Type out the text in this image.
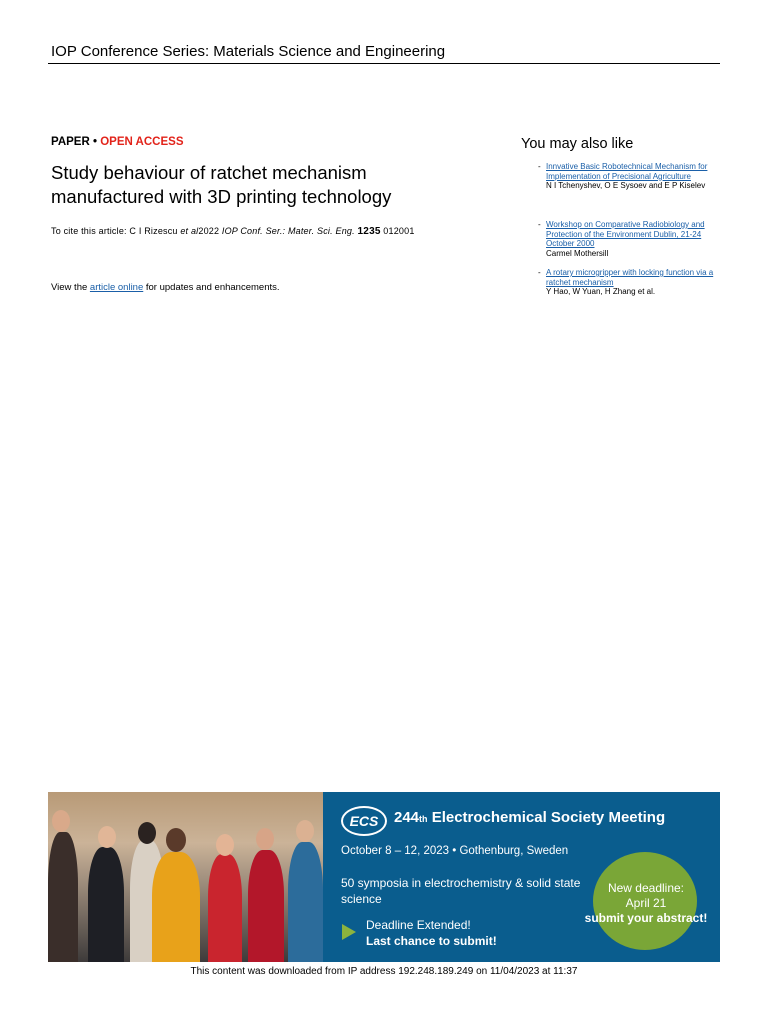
IOP Conference Series: Materials Science and Engineering
PAPER • OPEN ACCESS
Study behaviour of ratchet mechanism manufactured with 3D printing technology
To cite this article: C I Rizescu et al2022 IOP Conf. Ser.: Mater. Sci. Eng. 1235 012001
View the article online for updates and enhancements.
You may also like
- Innvative Basic Robotechnical Mechanism for Implementation of Precisional Agriculture
N I Tchenyshev, O E Sysoev and E P Kiselev
- Workshop on Comparative Radiobiology and Protection of the Environment Dublin, 21-24 October 2000
Carmel Mothersill
- A rotary microgripper with locking function via a ratchet mechanism
Y Hao, W Yuan, H Zhang et al.
ECS	244th Electrochemical Society Meeting
October 8 – 12, 2023 • Gothenburg, Sweden
50 symposia in electrochemistry & solid state science
Deadline Extended!
Last chance to submit!
New deadline:
April 21
submit your abstract!
This content was downloaded from IP address 192.248.189.249 on 11/04/2023 at 11:37
